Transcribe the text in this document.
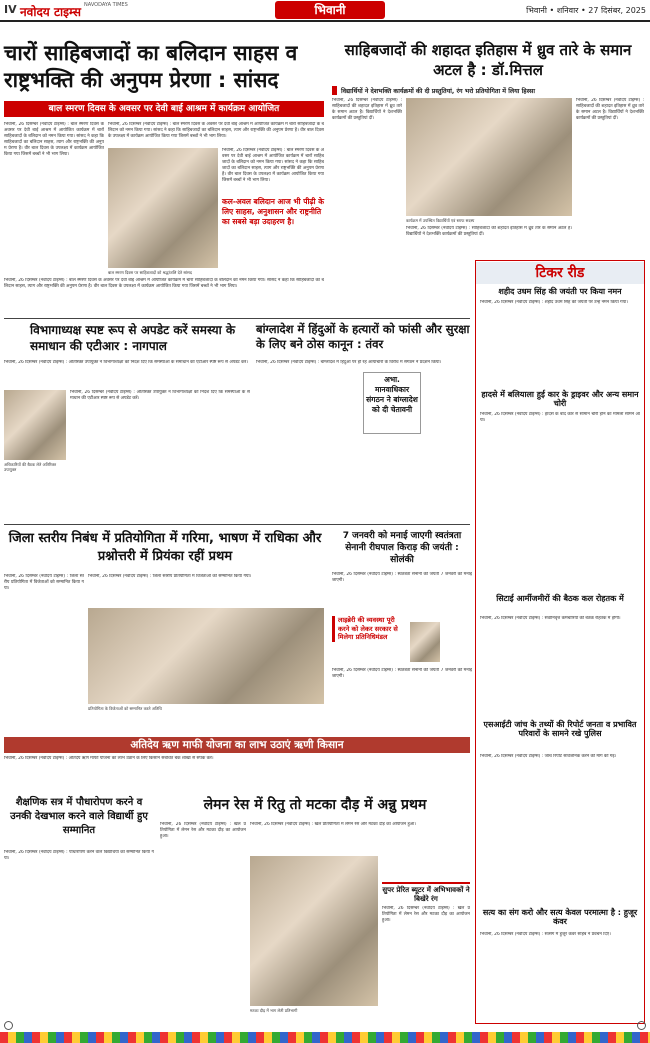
IV नवोदय टाइम्स NAVODAYA TIMES	भिवानी	भिवानी • शनिवार • 27 दिसंबर, 2025
चारों साहिबजादों का बलिदान साहस व राष्ट्रभक्ति की अनुपम प्रेरणा : सांसद
बाल स्मरण दिवस के अवसर पर देवी बाई आश्रम में कार्यक्रम आयोजित
भिवानी, 26 दिसम्बर (नवोदय टाइम्स) : बाल स्मरण दिवस के अवसर पर देवी बाई आश्रम में आयोजित कार्यक्रम में चारों साहिबजादों के बलिदान को नमन किया गया। सांसद ने कहा कि साहिबजादों का बलिदान साहस, त्याग और राष्ट्रभक्ति की अनुपम प्रेरणा है। वीर बाल दिवस के उपलक्ष्य में कार्यक्रम आयोजित किया गया जिसमें बच्चों ने भी भाग लिया।
भिवानी, 26 दिसम्बर (नवोदय टाइम्स) : बाल स्मरण दिवस के अवसर पर देवी बाई आश्रम में आयोजित कार्यक्रम में चारों साहिबजादों के बलिदान को नमन किया गया। सांसद ने कहा कि साहिबजादों का बलिदान साहस, त्याग और राष्ट्रभक्ति की अनुपम प्रेरणा है। वीर बाल दिवस के उपलक्ष्य में कार्यक्रम आयोजित किया गया जिसमें बच्चों ने भी भाग लिया।
बाल स्मरण दिवस पर साहिबजादों को श्रद्धांजलि देते सांसद
भिवानी, 26 दिसम्बर (नवोदय टाइम्स) : बाल स्मरण दिवस के अवसर पर देवी बाई आश्रम में आयोजित कार्यक्रम में चारों साहिबजादों के बलिदान को नमन किया गया। सांसद ने कहा कि साहिबजादों का बलिदान साहस, त्याग और राष्ट्रभक्ति की अनुपम प्रेरणा है। वीर बाल दिवस के उपलक्ष्य में कार्यक्रम आयोजित किया गया जिसमें बच्चों ने भी भाग लिया।
कल-अवल बलिदान आज भी पीढ़ी के लिए साहस, अनुशासन और राष्ट्रनीति का सबसे बड़ा उदाहरण है।
भिवानी, 26 दिसम्बर (नवोदय टाइम्स) : बाल स्मरण दिवस के अवसर पर देवी बाई आश्रम में आयोजित कार्यक्रम में चारों साहिबजादों के बलिदान को नमन किया गया। सांसद ने कहा कि साहिबजादों का बलिदान साहस, त्याग और राष्ट्रभक्ति की अनुपम प्रेरणा है। वीर बाल दिवस के उपलक्ष्य में कार्यक्रम आयोजित किया गया जिसमें बच्चों ने भी भाग लिया।
साहिबजादों की शहादत इतिहास में ध्रुव तारे के समान अटल है : डॉ.मित्तल
विद्यार्थियों ने देशभक्ति कार्यक्रमों की दी प्रस्तुतियां, रंग भरो प्रतियोगिता में लिया हिस्सा
भिवानी, 26 दिसम्बर (नवोदय टाइम्स) : साहिबजादों की शहादत इतिहास में ध्रुव तारे के समान अटल है। विद्यार्थियों ने देशभक्ति कार्यक्रमों की प्रस्तुतियां दीं।
कार्यक्रम में उपस्थित विद्यार्थियों एवं स्टाफ सदस्य
भिवानी, 26 दिसम्बर (नवोदय टाइम्स) : साहिबजादों की शहादत इतिहास में ध्रुव तारे के समान अटल है। विद्यार्थियों ने देशभक्ति कार्यक्रमों की प्रस्तुतियां दीं।
भिवानी, 26 दिसम्बर (नवोदय टाइम्स) : साहिबजादों की शहादत इतिहास में ध्रुव तारे के समान अटल है। विद्यार्थियों ने देशभक्ति कार्यक्रमों की प्रस्तुतियां दीं।
टिकर रीड
शहीद उधम सिंह की जयंती पर किया नमन
भिवानी, 26 दिसम्बर (नवोदय टाइम्स) : शहीद उधम सिंह की जयंती पर उन्हें नमन किया गया।
हादसे में बलियाला हुई कार के ड्राइवर और अन्य समान चोरी
भिवानी, 26 दिसम्बर (नवोदय टाइम्स) : हादसे के बाद कार से सामान चोरी होने का मामला सामने आया।
सिटाई आर्मीजमीरों की बैठक कल रोहतक में
भिवानी, 26 दिसम्बर (नवोदय टाइम्स) : सेवानिवृत्त कर्मचारियों की बैठक रोहतक में होगी।
एसआईटी जांच के तथ्यों की रिपोर्ट जनता व प्रभावित परिवारों के सामने रखे पुलिस
भिवानी, 26 दिसम्बर (नवोदय टाइम्स) : जांच रिपोर्ट सार्वजनिक करने की मांग की गई।
सत्य का संग करो और सत्य केवल परमात्मा है : हुजूर कंवर
भिवानी, 26 दिसम्बर (नवोदय टाइम्स) : सत्संग में हुजूर कंवर साहेब ने प्रवचन दिए।
विभागाध्यक्ष स्पष्ट रूप से अपडेट करें समस्या के समाधान की एटीआर : नागपाल
भिवानी, 26 दिसम्बर (नवोदय टाइम्स) : अतिरिक्त उपायुक्त ने विभागाध्यक्षों को निर्देश दिए कि समस्याओं के समाधान की एटीआर स्पष्ट रूप से अपडेट करें।
भिवानी, 26 दिसम्बर (नवोदय टाइम्स) : अतिरिक्त उपायुक्त ने विभागाध्यक्षों को निर्देश दिए कि समस्याओं के समाधान की एटीआर स्पष्ट रूप से अपडेट करें।
अधिकारियों की बैठक लेते अतिरिक्त उपायुक्त
बांग्लादेश में हिंदुओं के हत्यारों को फांसी और सुरक्षा के लिए बने ठोस कानून : तंवर
भिवानी, 26 दिसम्बर (नवोदय टाइम्स) : बांग्लादेश में हिंदुओं पर हो रहे अत्याचारों के विरोध में संगठन ने प्रदर्शन किया।
अभा. मानवाधिकार संगठन ने बांग्लादेश को दी चेतावनी
जिला स्तरीय निबंध में प्रतियोगिता में गरिमा, भाषण में राधिका और प्रश्नोत्तरी में प्रियंका रहीं प्रथम
भिवानी, 26 दिसम्बर (नवोदय टाइम्स) : जिला स्तरीय प्रतियोगिता में विजेताओं को सम्मानित किया गया।
प्रतियोगिता के विजेताओं को सम्मानित करते अतिथि
भिवानी, 26 दिसम्बर (नवोदय टाइम्स) : जिला स्तरीय प्रतियोगिता में विजेताओं को सम्मानित किया गया।
7 जनवरी को मनाई जाएगी स्वतंत्रता सेनानी रीघपाल किराड़ की जयंती : सोलंकी
भिवानी, 26 दिसम्बर (नवोदय टाइम्स) : स्वतंत्रता सेनानी की जयंती 7 जनवरी को मनाई जाएगी।
लाइब्रेरी की व्यवस्था पूरी करने को लेकर सरकार से मिलेगा प्रतिनिधिमंडल
भिवानी, 26 दिसम्बर (नवोदय टाइम्स) : स्वतंत्रता सेनानी की जयंती 7 जनवरी को मनाई जाएगी।
अतिदेय ऋण माफी योजना का लाभ उठाएं ऋणी किसान
भिवानी, 26 दिसम्बर (नवोदय टाइम्स) : अतिदेय ऋण माफी योजना का लाभ उठाने के लिए किसान संबंधित बैंक शाखा से संपर्क करें।
शैक्षणिक सत्र में पौधारोपण करने व उनकी देखभाल करने वाले विद्यार्थी हुए सम्मानित
भिवानी, 26 दिसम्बर (नवोदय टाइम्स) : पौधारोपण करने वाले विद्यार्थियों को सम्मानित किया गया।
लेमन रेस में रितु तो मटका दौड़ में अन्नु प्रथम
भिवानी, 26 दिसम्बर (नवोदय टाइम्स) : खेल प्रतियोगिता में लेमन रेस और मटका दौड़ का आयोजन हुआ।
मटका दौड़ में भाग लेती प्रतिभागी
सुपर प्रेरित ब्यूटर में अभिभावकों ने बिखेरे रंग
भिवानी, 26 दिसम्बर (नवोदय टाइम्स) : खेल प्रतियोगिता में लेमन रेस और मटका दौड़ का आयोजन हुआ।
भिवानी, 26 दिसम्बर (नवोदय टाइम्स) : खेल प्रतियोगिता में लेमन रेस और मटका दौड़ का आयोजन हुआ।
